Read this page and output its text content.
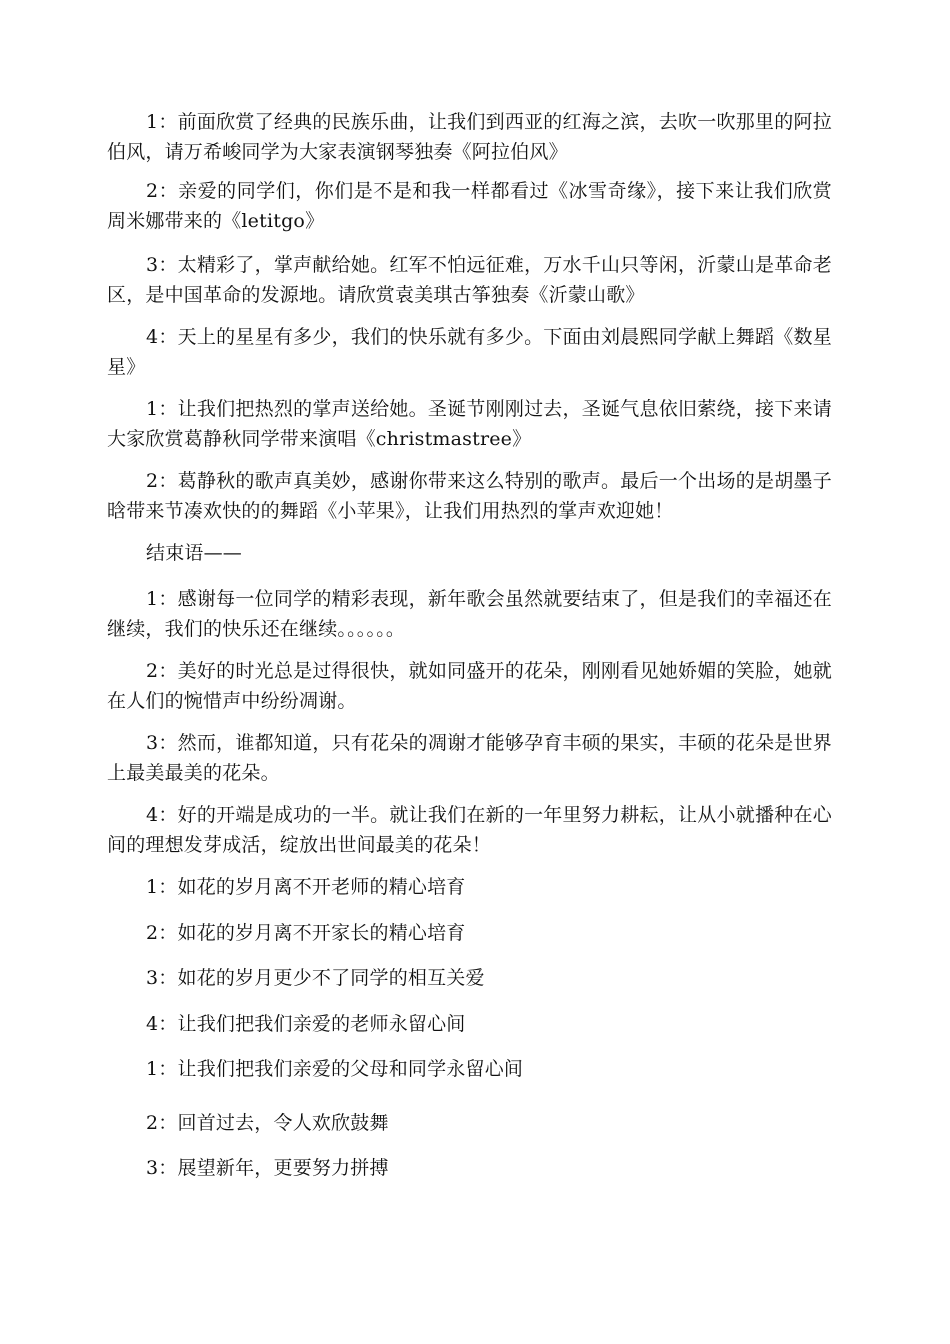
1：前面欣赏了经典的民族乐曲，让我们到西亚的红海之滨，去吹一吹那里的阿拉伯风，请万希峻同学为大家表演钢琴独奏《阿拉伯风》

2：亲爱的同学们，你们是不是和我一样都看过《冰雪奇缘》，接下来让我们欣赏周米娜带来的《letitgo》

3：太精彩了，掌声献给她。红军不怕远征难，万水千山只等闲，沂蒙山是革命老区，是中国革命的发源地。请欣赏袁美琪古筝独奏《沂蒙山歌》

4：天上的星星有多少，我们的快乐就有多少。下面由刘晨熙同学献上舞蹈《数星星》

1：让我们把热烈的掌声送给她。圣诞节刚刚过去，圣诞气息依旧萦绕，接下来请大家欣赏葛静秋同学带来演唱《christmastree》

2：葛静秋的歌声真美妙，感谢你带来这么特别的歌声。最后一个出场的是胡墨子晗带来节凑欢快的的舞蹈《小苹果》，让我们用热烈的掌声欢迎她！

结束语——

1：感谢每一位同学的精彩表现，新年歌会虽然就要结束了，但是我们的幸福还在继续，我们的快乐还在继续。。。。。。

2：美好的时光总是过得很快，就如同盛开的花朵，刚刚看见她娇媚的笑脸，她就在人们的惋惜声中纷纷凋谢。

3：然而，谁都知道，只有花朵的凋谢才能够孕育丰硕的果实，丰硕的花朵是世界上最美最美的花朵。

4：好的开端是成功的一半。就让我们在新的一年里努力耕耘，让从小就播种在心间的理想发芽成活，绽放出世间最美的花朵！

1：如花的岁月离不开老师的精心培育

2：如花的岁月离不开家长的精心培育

3：如花的岁月更少不了同学的相互关爱

4：让我们把我们亲爱的老师永留心间

1：让我们把我们亲爱的父母和同学永留心间

2：回首过去，令人欢欣鼓舞

3：展望新年，更要努力拼搏
